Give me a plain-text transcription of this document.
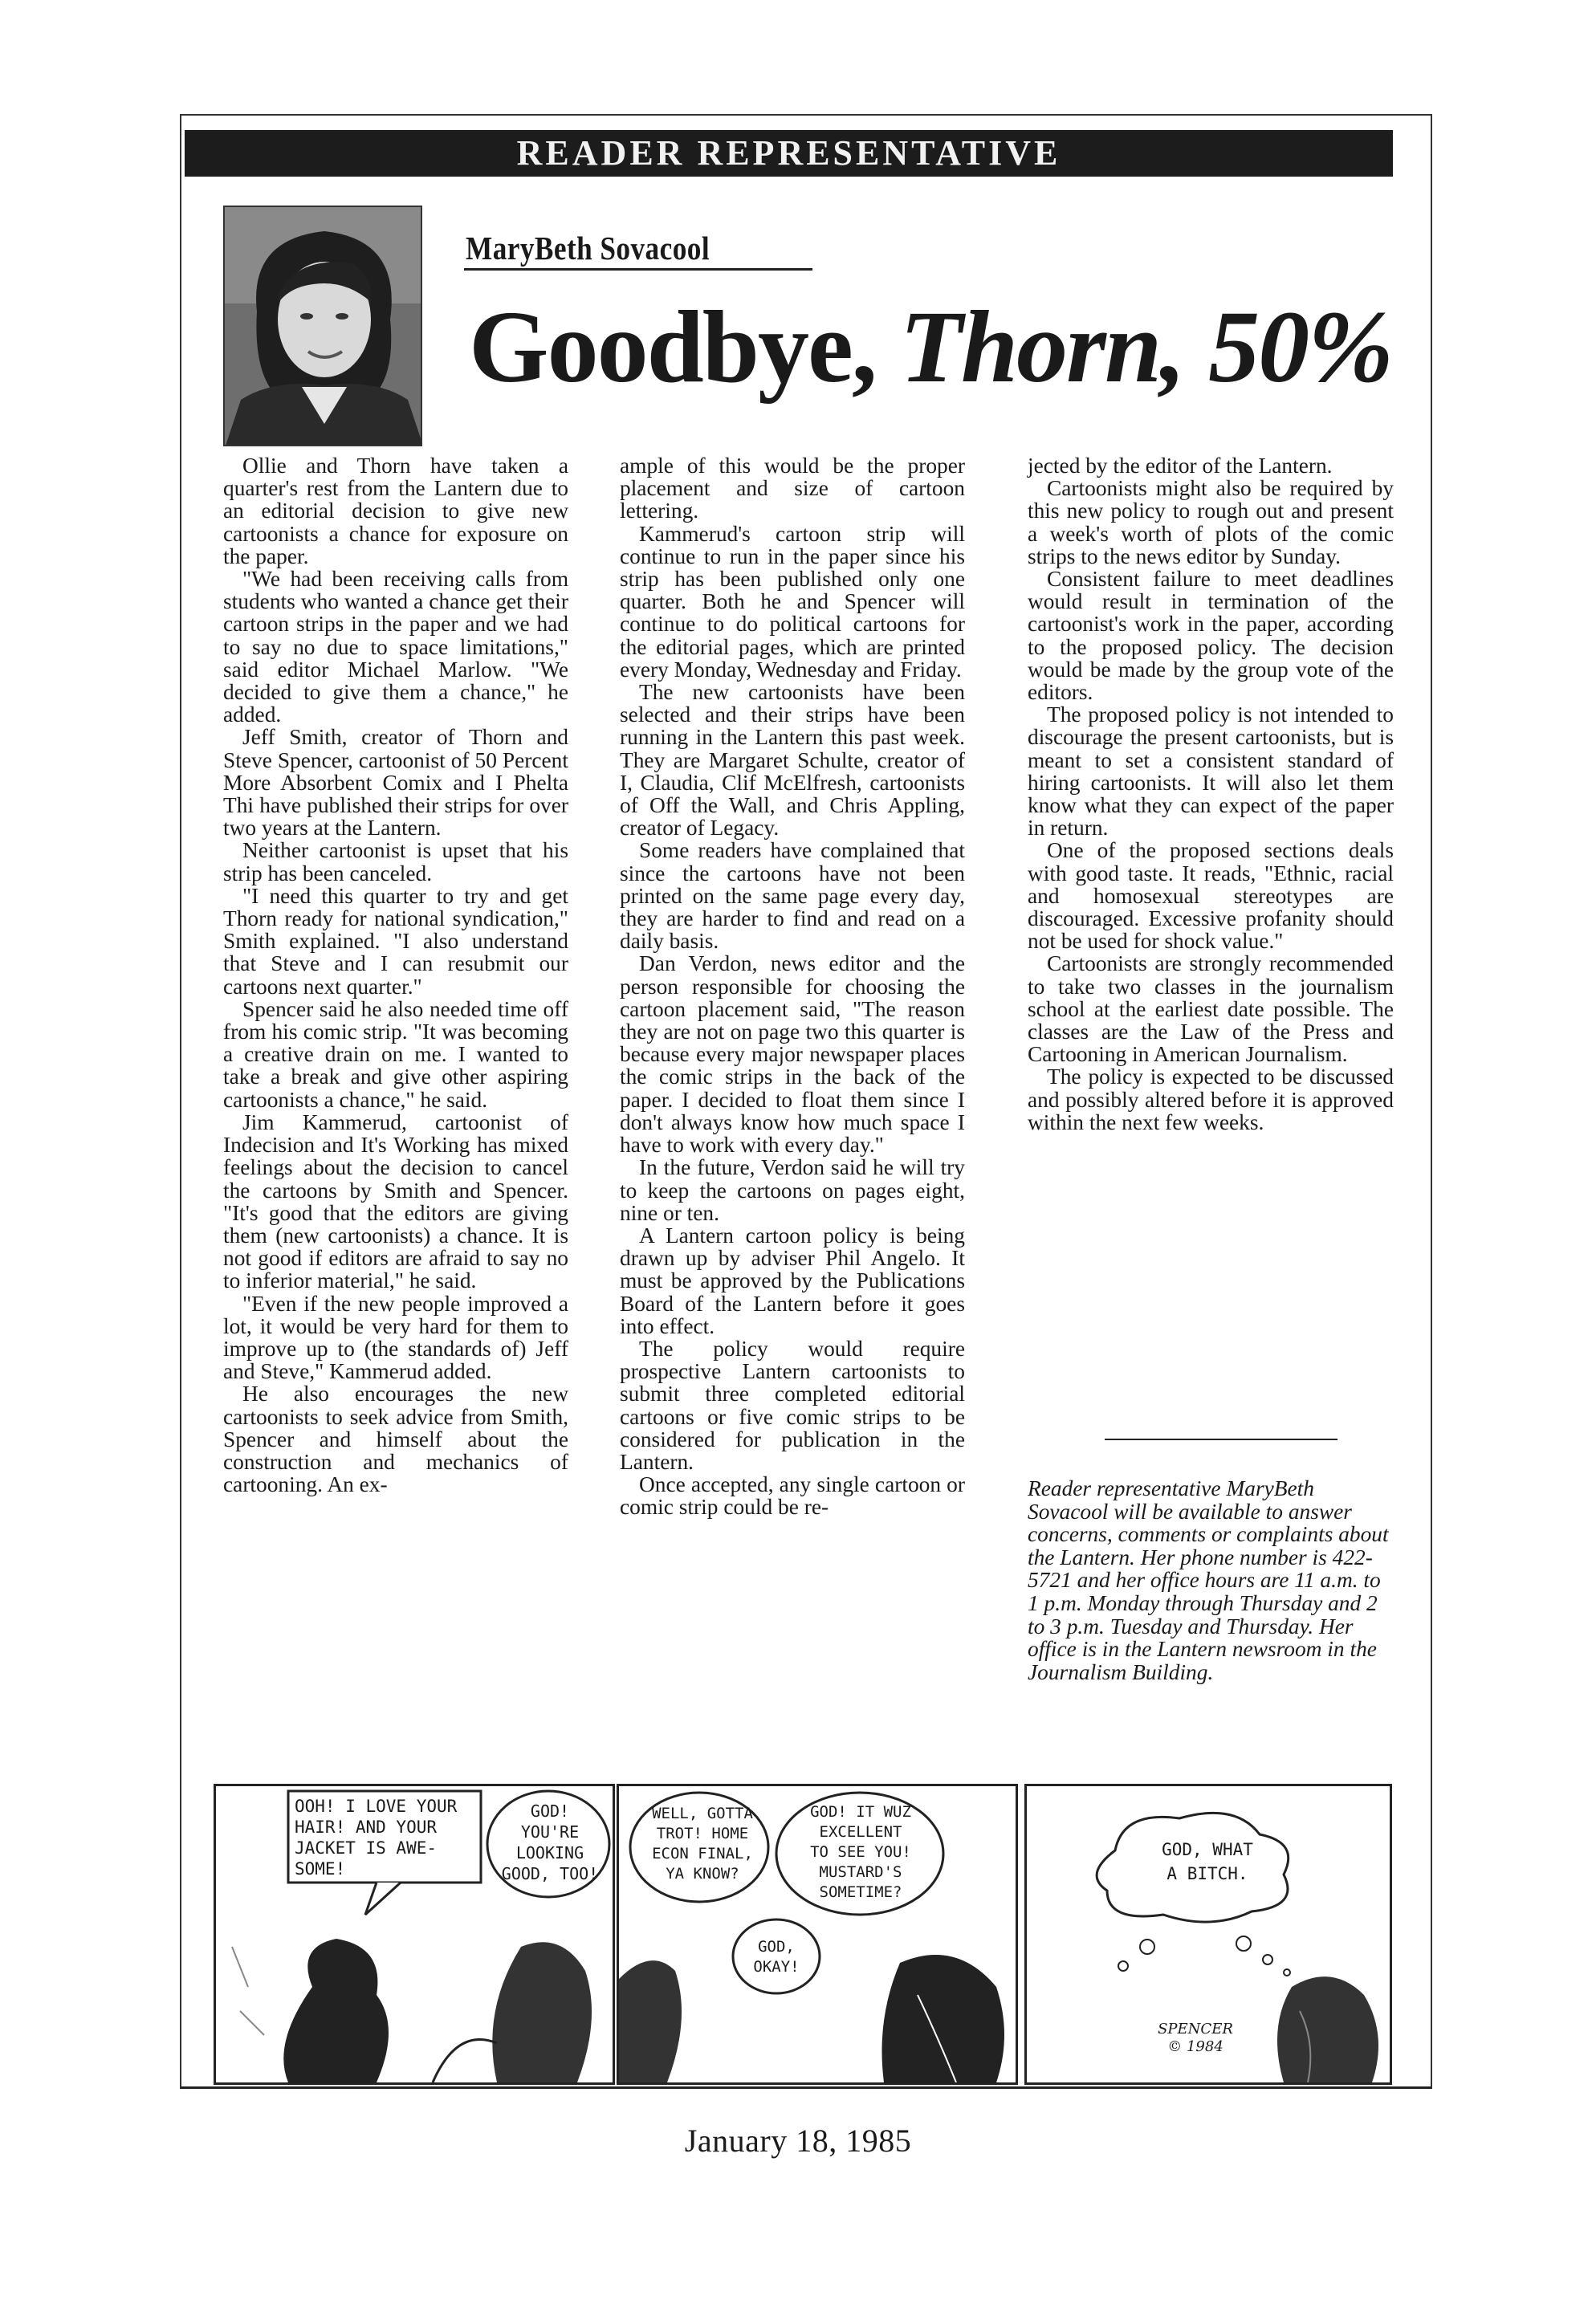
READER REPRESENTATIVE
MaryBeth Sovacool
Goodbye, Thorn, 50%

Ollie and Thorn have taken a quarter's rest from the Lantern due to an editorial decision to give new cartoonists a chance for exposure on the paper.

"We had been receiving calls from students who wanted a chance get their cartoon strips in the paper and we had to say no due to space limitations," said editor Michael Marlow. "We decided to give them a chance," he added.

Jeff Smith, creator of Thorn and Steve Spencer, cartoonist of 50 Percent More Absorbent Comix and I Phelta Thi have published their strips for over two years at the Lantern.

Neither cartoonist is upset that his strip has been canceled.

"I need this quarter to try and get Thorn ready for national syndication," Smith explained. "I also understand that Steve and I can resubmit our cartoons next quarter."

Spencer said he also needed time off from his comic strip. "It was becoming a creative drain on me. I wanted to take a break and give other aspiring cartoonists a chance," he said.

Jim Kammerud, cartoonist of Indecision and It's Working has mixed feelings about the decision to cancel the cartoons by Smith and Spencer. "It's good that the editors are giving them (new cartoonists) a chance. It is not good if editors are afraid to say no to inferior material," he said.

"Even if the new people improved a lot, it would be very hard for them to improve up to (the standards of) Jeff and Steve," Kammerud added.

He also encourages the new cartoonists to seek advice from Smith, Spencer and himself about the construction and mechanics of cartooning. An ex-

ample of this would be the proper placement and size of cartoon lettering.

Kammerud's cartoon strip will continue to run in the paper since his strip has been published only one quarter. Both he and Spencer will continue to do political cartoons for the editorial pages, which are printed every Monday, Wednesday and Friday.

The new cartoonists have been selected and their strips have been running in the Lantern this past week. They are Margaret Schulte, creator of I, Claudia, Clif McElfresh, cartoonists of Off the Wall, and Chris Appling, creator of Legacy.

Some readers have complained that since the cartoons have not been printed on the same page every day, they are harder to find and read on a daily basis.

Dan Verdon, news editor and the person responsible for choosing the cartoon placement said, "The reason they are not on page two this quarter is because every major newspaper places the comic strips in the back of the paper. I decided to float them since I don't always know how much space I have to work with every day."

In the future, Verdon said he will try to keep the cartoons on pages eight, nine or ten.

A Lantern cartoon policy is being drawn up by adviser Phil Angelo. It must be approved by the Publications Board of the Lantern before it goes into effect.

The policy would require prospective Lantern cartoonists to submit three completed editorial cartoons or five comic strips to be considered for publication in the Lantern.

Once accepted, any single cartoon or comic strip could be re-

jected by the editor of the Lantern.

Cartoonists might also be required by this new policy to rough out and present a week's worth of plots of the comic strips to the news editor by Sunday.

Consistent failure to meet deadlines would result in termination of the cartoonist's work in the paper, according to the proposed policy. The decision would be made by the group vote of the editors.

The proposed policy is not intended to discourage the present cartoonists, but is meant to set a consistent standard of hiring cartoonists. It will also let them know what they can expect of the paper in return.

One of the proposed sections deals with good taste. It reads, "Ethnic, racial and homosexual stereotypes are discouraged. Excessive profanity should not be used for shock value."

Cartoonists are strongly recommended to take two classes in the journalism school at the earliest date possible. The classes are the Law of the Press and Cartooning in American Journalism.

The policy is expected to be discussed and possibly altered before it is approved within the next few weeks.

Reader representative MaryBeth Sovacool will be available to answer concerns, comments or complaints about the Lantern. Her phone number is 422-5721 and her office hours are 11 a.m. to 1 p.m. Monday through Thursday and 2 to 3 p.m. Tuesday and Thursday. Her office is in the Lantern newsroom in the Journalism Building.
OOH! I LOVE YOUR
HAIR! AND YOUR
JACKET IS AWE-
SOME!
GOD!
YOU'RE
LOOKING
GOOD, TOO!
WELL, GOTTA
TROT! HOME
ECON FINAL,
YA KNOW?
GOD! IT WUZ
EXCELLENT
TO SEE YOU!
MUSTARD'S
SOMETIME?
GOD,
OKAY!
GOD, WHAT
A BITCH.
SPENCER
© 1984
January 18, 1985
